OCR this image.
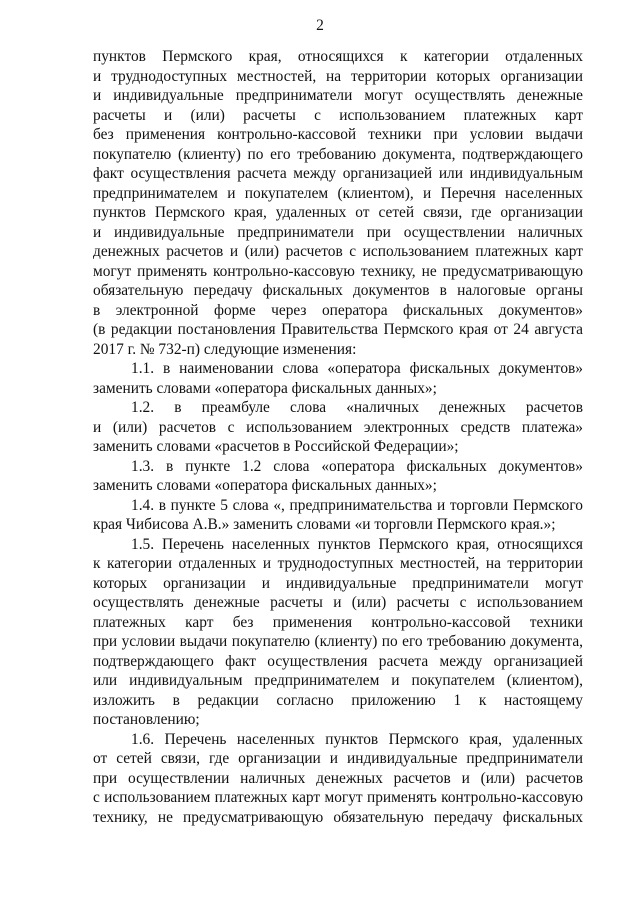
2
пунктов Пермского края, относящихся к категории отдаленных
и труднодоступных местностей, на территории которых организации
и индивидуальные предприниматели могут осуществлять денежные
расчеты и (или) расчеты с использованием платежных карт
без применения контрольно-кассовой техники при условии выдачи
покупателю (клиенту) по его требованию документа, подтверждающего
факт осуществления расчета между организацией или индивидуальным
предпринимателем и покупателем (клиентом), и Перечня населенных
пунктов Пермского края, удаленных от сетей связи, где организации
и индивидуальные предприниматели при осуществлении наличных
денежных расчетов и (или) расчетов с использованием платежных карт
могут применять контрольно-кассовую технику, не предусматривающую
обязательную передачу фискальных документов в налоговые органы
в электронной форме через оператора фискальных документов»
(в редакции постановления Правительства Пермского края от 24 августа
2017 г. № 732-п) следующие изменения:
1.1. в наименовании слова «оператора фискальных документов»
заменить словами «оператора фискальных данных»;
1.2. в преамбуле слова «наличных денежных расчетов
и (или) расчетов с использованием электронных средств платежа»
заменить словами «расчетов в Российской Федерации»;
1.3. в пункте 1.2 слова «оператора фискальных документов»
заменить словами «оператора фискальных данных»;
1.4. в пункте 5 слова «, предпринимательства и торговли Пермского
края Чибисова А.В.» заменить словами «и торговли Пермского края.»;
1.5. Перечень населенных пунктов Пермского края, относящихся
к категории отдаленных и труднодоступных местностей, на территории
которых организации и индивидуальные предприниматели могут
осуществлять денежные расчеты и (или) расчеты с использованием
платежных карт без применения контрольно-кассовой техники
при условии выдачи покупателю (клиенту) по его требованию документа,
подтверждающего факт осуществления расчета между организацией
или индивидуальным предпринимателем и покупателем (клиентом),
изложить в редакции согласно приложению 1 к настоящему
постановлению;
1.6. Перечень населенных пунктов Пермского края, удаленных
от сетей связи, где организации и индивидуальные предприниматели
при осуществлении наличных денежных расчетов и (или) расчетов
с использованием платежных карт могут применять контрольно-кассовую
технику, не предусматривающую обязательную передачу фискальных
